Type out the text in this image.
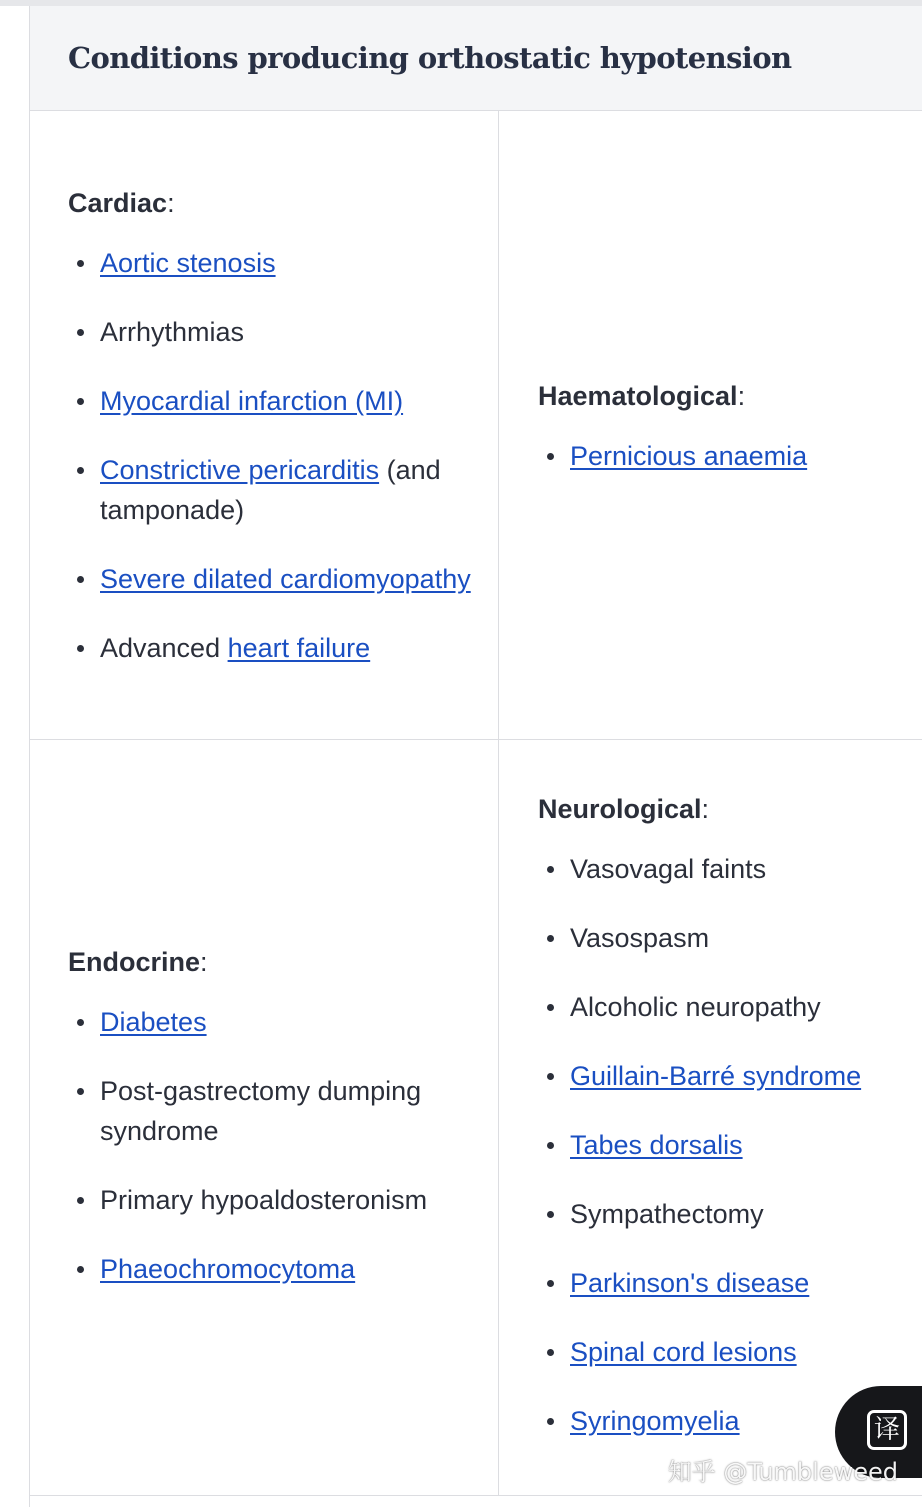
Conditions producing orthostatic hypotension
Cardiac:
Aortic stenosis
Arrhythmias
Myocardial infarction (MI)
Constrictive pericarditis (and tamponade)
Severe dilated cardiomyopathy
Advanced heart failure
Haematological:
Pernicious anaemia
Endocrine:
Diabetes
Post-gastrectomy dumping syndrome
Primary hypoaldosteronism
Phaeochromocytoma
Neurological:
Vasovagal faints
Vasospasm
Alcoholic neuropathy
Guillain-Barré syndrome
Tabes dorsalis
Sympathectomy
Parkinson's disease
Spinal cord lesions
Syringomyelia	译
知乎 @Tumbleweed
